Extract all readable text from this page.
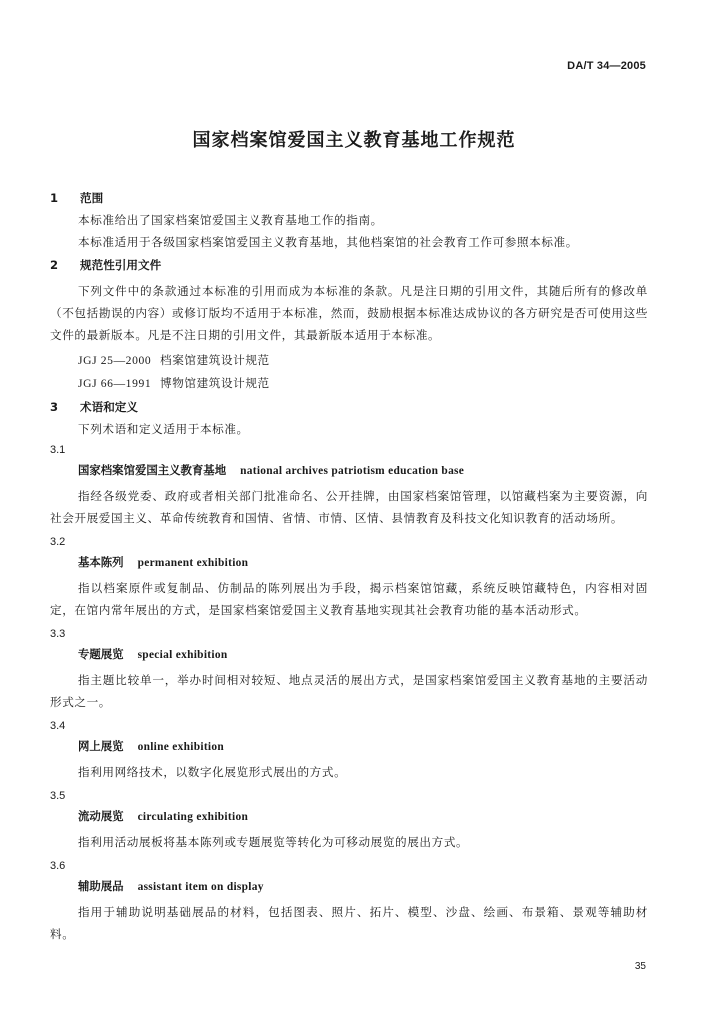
DA/T 34—2005
国家档案馆爱国主义教育基地工作规范
1 范围
本标准给出了国家档案馆爱国主义教育基地工作的指南。
本标准适用于各级国家档案馆爱国主义教育基地，其他档案馆的社会教育工作可参照本标准。
2 规范性引用文件
下列文件中的条款通过本标准的引用而成为本标准的条款。凡是注日期的引用文件，其随后所有的修改单（不包括勘误的内容）或修订版均不适用于本标准，然而，鼓励根据本标准达成协议的各方研究是否可使用这些文件的最新版本。凡是不注日期的引用文件，其最新版本适用于本标准。
JGJ 25—2000 档案馆建筑设计规范
JGJ 66—1991 博物馆建筑设计规范
3 术语和定义
下列术语和定义适用于本标准。
3.1
国家档案馆爱国主义教育基地 national archives patriotism education base
指经各级党委、政府或者相关部门批准命名、公开挂牌，由国家档案馆管理，以馆藏档案为主要资源，向社会开展爱国主义、革命传统教育和国情、省情、市情、区情、县情教育及科技文化知识教育的活动场所。
3.2
基本陈列 permanent exhibition
指以档案原件或复制品、仿制品的陈列展出为手段，揭示档案馆馆藏，系统反映馆藏特色，内容相对固定，在馆内常年展出的方式，是国家档案馆爱国主义教育基地实现其社会教育功能的基本活动形式。
3.3
专题展览 special exhibition
指主题比较单一，举办时间相对较短、地点灵活的展出方式，是国家档案馆爱国主义教育基地的主要活动形式之一。
3.4
网上展览 online exhibition
指利用网络技术，以数字化展览形式展出的方式。
3.5
流动展览 circulating exhibition
指利用活动展板将基本陈列或专题展览等转化为可移动展览的展出方式。
3.6
辅助展品 assistant item on display
指用于辅助说明基础展品的材料，包括图表、照片、拓片、模型、沙盘、绘画、布景箱、景观等辅助材料。
35
